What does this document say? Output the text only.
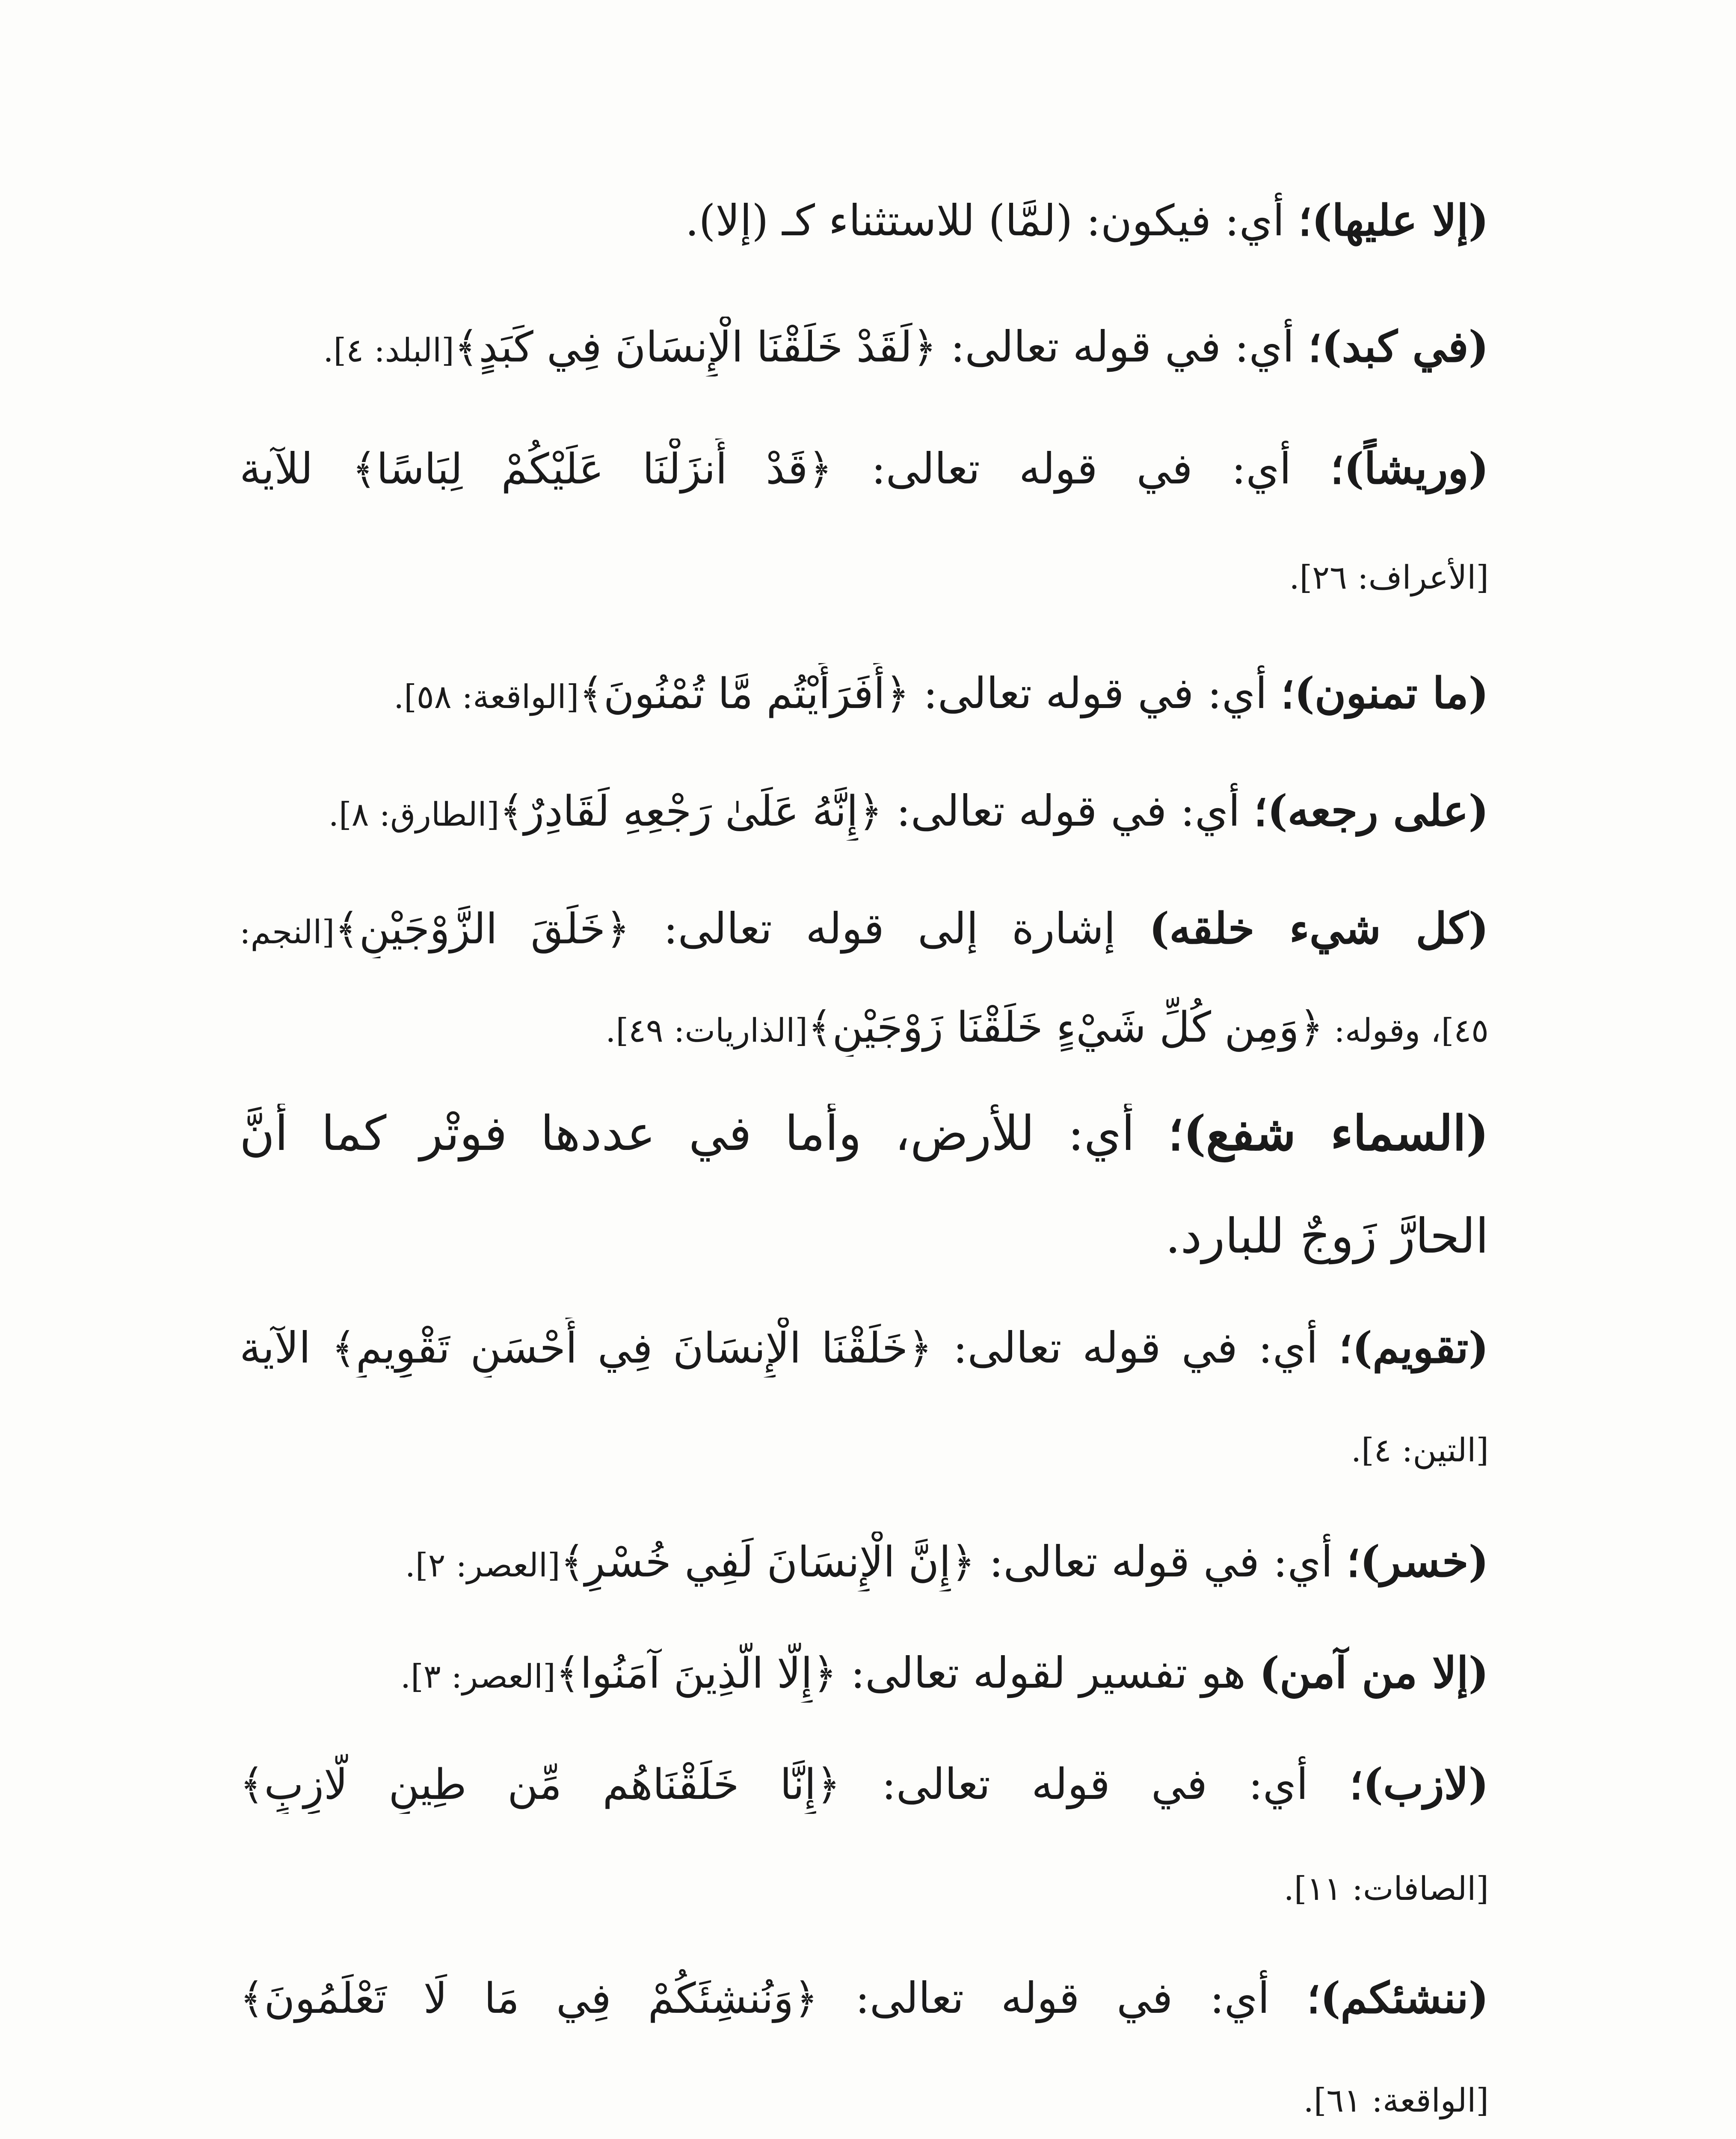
(إلا عليها)؛ أي: فيكون: (لمَّا) للاستثناء كـ (إلا).
(في كبد)؛ أي: في قوله تعالى: ﴿لَقَدْ خَلَقْنَا الْإِنسَانَ فِي كَبَدٍ﴾[البلد: ٤].
(وريشاً)؛ أي: في قوله تعالى: ﴿قَدْ أَنزَلْنَا عَلَيْكُمْ لِبَاسًا﴾ للآية
[الأعراف: ٢٦].
(ما تمنون)؛ أي: في قوله تعالى: ﴿أَفَرَأَيْتُم مَّا تُمْنُونَ﴾[الواقعة: ٥٨].
(على رجعه)؛ أي: في قوله تعالى: ﴿إِنَّهُ عَلَىٰ رَجْعِهِ لَقَادِرٌ﴾[الطارق: ٨].
(كل شيء خلقه) إشارة إلى قوله تعالى: ﴿خَلَقَ الزَّوْجَيْنِ﴾[النجم:
٤٥]، وقوله: ﴿وَمِن كُلِّ شَيْءٍ خَلَقْنَا زَوْجَيْنِ﴾[الذاريات: ٤٩].
(السماء شفع)؛ أي: للأرض، وأما في عددها فوتْر كما أنَّ
الحارَّ زَوجٌ للبارد.
(تقويم)؛ أي: في قوله تعالى: ﴿خَلَقْنَا الْإِنسَانَ فِي أَحْسَنِ تَقْوِيمٍ﴾ الآية
[التين: ٤].
(خسر)؛ أي: في قوله تعالى: ﴿إِنَّ الْإِنسَانَ لَفِي خُسْرٍ﴾[العصر: ٢].
(إلا من آمن) هو تفسير لقوله تعالى: ﴿إِلَّا الَّذِينَ آمَنُوا﴾[العصر: ٣].
(لازب)؛ أي: في قوله تعالى: ﴿إِنَّا خَلَقْنَاهُم مِّن طِينٍ لَّازِبٍ﴾
[الصافات: ١١].
(ننشئكم)؛ أي: في قوله تعالى: ﴿وَنُنشِئَكُمْ فِي مَا لَا تَعْلَمُونَ﴾
[الواقعة: ٦١].
